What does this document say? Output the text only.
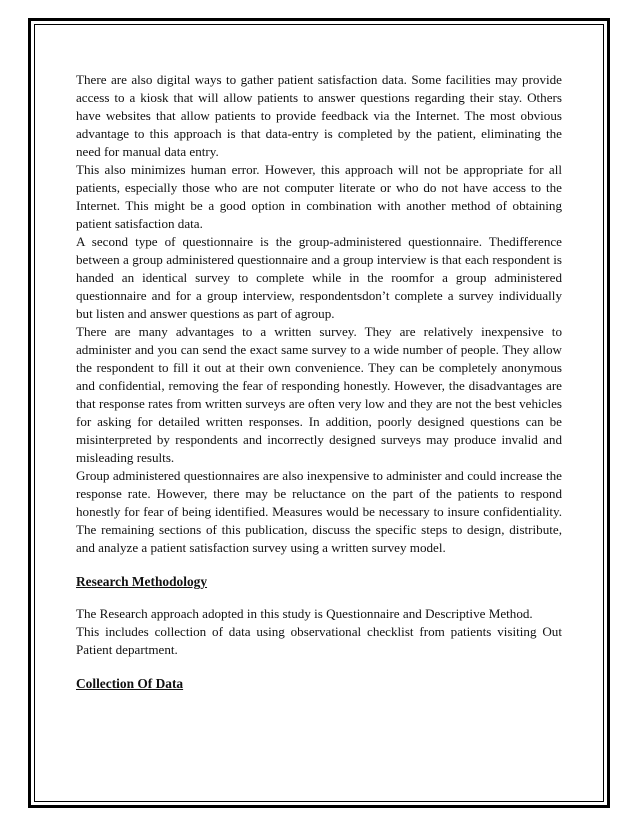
There are also digital ways to gather patient satisfaction data. Some facilities may provide access to a kiosk that will allow patients to answer questions regarding their stay. Others have websites that allow patients to provide feedback via the Internet. The most obvious advantage to this approach is that data-entry is completed by the patient, eliminating the need for manual data entry.

This also minimizes human error. However, this approach will not be appropriate for all patients, especially those who are not computer literate or who do not have access to the Internet. This might be a good option in combination with another method of obtaining patient satisfaction data.

A second type of questionnaire is the group-administered questionnaire. Thedifference between a group administered questionnaire and a group interview is that each respondent is handed an identical survey to complete while in the roomfor a group administered questionnaire and for a group interview, respondentsdon’t complete a survey individually but listen and answer questions as part of agroup.

There are many advantages to a written survey. They are relatively inexpensive to administer and you can send the exact same survey to a wide number of people. They allow the respondent to fill it out at their own convenience. They can be completely anonymous and confidential, removing the fear of responding honestly. However, the disadvantages are that response rates from written surveys are often very low and they are not the best vehicles for asking for detailed written responses. In addition, poorly designed questions can be misinterpreted by respondents and incorrectly designed surveys may produce invalid and misleading results.

Group administered questionnaires are also inexpensive to administer and could increase the response rate. However, there may be reluctance on the part of the patients to respond honestly for fear of being identified. Measures would be necessary to insure confidentiality. The remaining sections of this publication, discuss the specific steps to design, distribute, and analyze a patient satisfaction survey using a written survey model.

Research Methodology

The Research approach adopted in this study is Questionnaire and Descriptive Method.

This includes collection of data using observational checklist from patients visiting Out Patient department.

Collection Of Data
